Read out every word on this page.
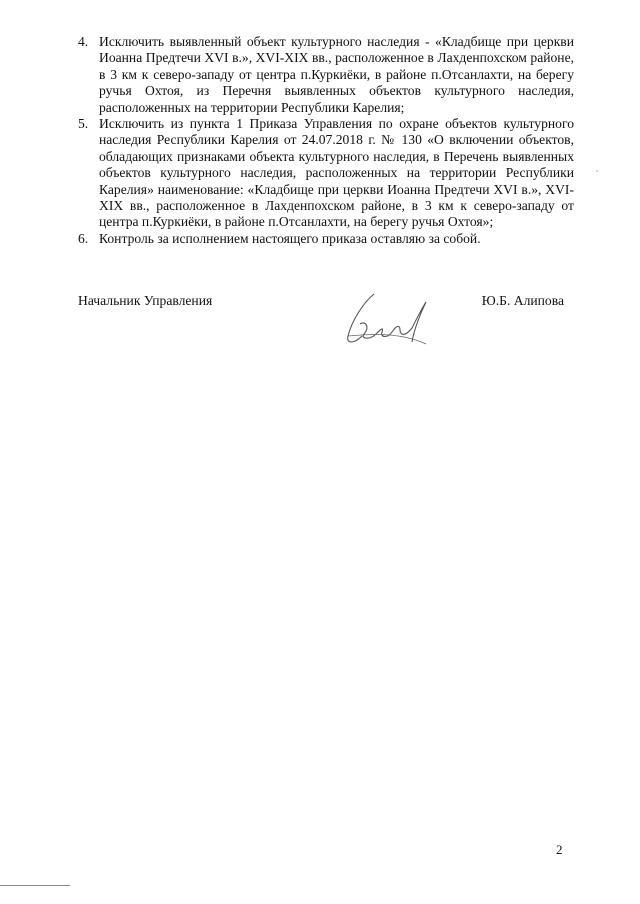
4. Исключить выявленный объект культурного наследия - «Кладбище при церкви Иоанна Предтечи XVI в.», XVI-XIX вв., расположенное в Лахденпохском районе, в 3 км к северо-западу от центра п.Куркиёки, в районе п.Отсанлахти, на берегу ручья Охтоя, из Перечня выявленных объектов культурного наследия, расположенных на территории Республики Карелия;
5. Исключить из пункта 1 Приказа Управления по охране объектов культурного наследия Республики Карелия от 24.07.2018 г. № 130 «О включении объектов, обладающих признаками объекта культурного наследия, в Перечень выявленных объектов культурного наследия, расположенных на территории Республики Карелия» наименование: «Кладбище при церкви Иоанна Предтечи XVI в.», XVI-XIX вв., расположенное в Лахденпохском районе, в 3 км к северо-западу от центра п.Куркиёки, в районе п.Отсанлахти, на берегу ручья Охтоя»;
6. Контроль за исполнением настоящего приказа оставляю за собой.
Начальник Управления	Ю.Б. Алипова
2
